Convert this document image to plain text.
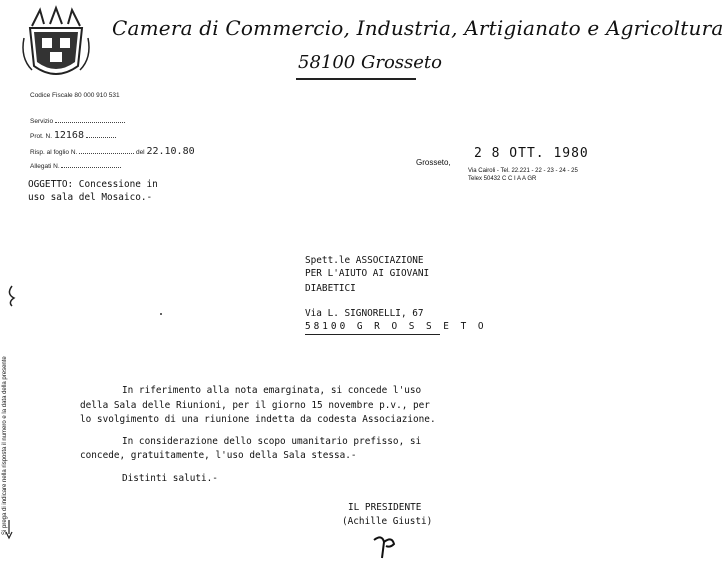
Camera di Commercio, Industria, Artigianato e Agricoltura
58100 Grosseto
Codice Fiscale 80 000 910 531
Servizio
Prot. N. 12168
Risp. al foglio N.	del 22.10.80
Allegati N.	Grosseto,
2 8 OTT. 1980
Via Cairoli - Tel. 22.221 - 22 - 23 - 24 - 25
Telex 50432 C C I A A GR
OGGETTO: Concessione in
uso sala del Mosaico.-
Spett.le ASSOCIAZIONE
PER L'AIUTO AI GIOVANI
DIABETICI
Via L. SIGNORELLI, 67
58100 G R O S S E T O
In riferimento alla nota emarginata, si concede l'uso
della Sala delle Riunioni, per il giorno 15 novembre p.v., per
lo svolgimento di una riunione indetta da codesta Associazione.
In considerazione dello scopo umanitario prefisso, si
concede, gratuitamente, l'uso della Sala stessa.-
Distinti saluti.-
IL PRESIDENTE
(Achille Giusti)
Si prega di indicare nella risposta il numero e la data della presente
